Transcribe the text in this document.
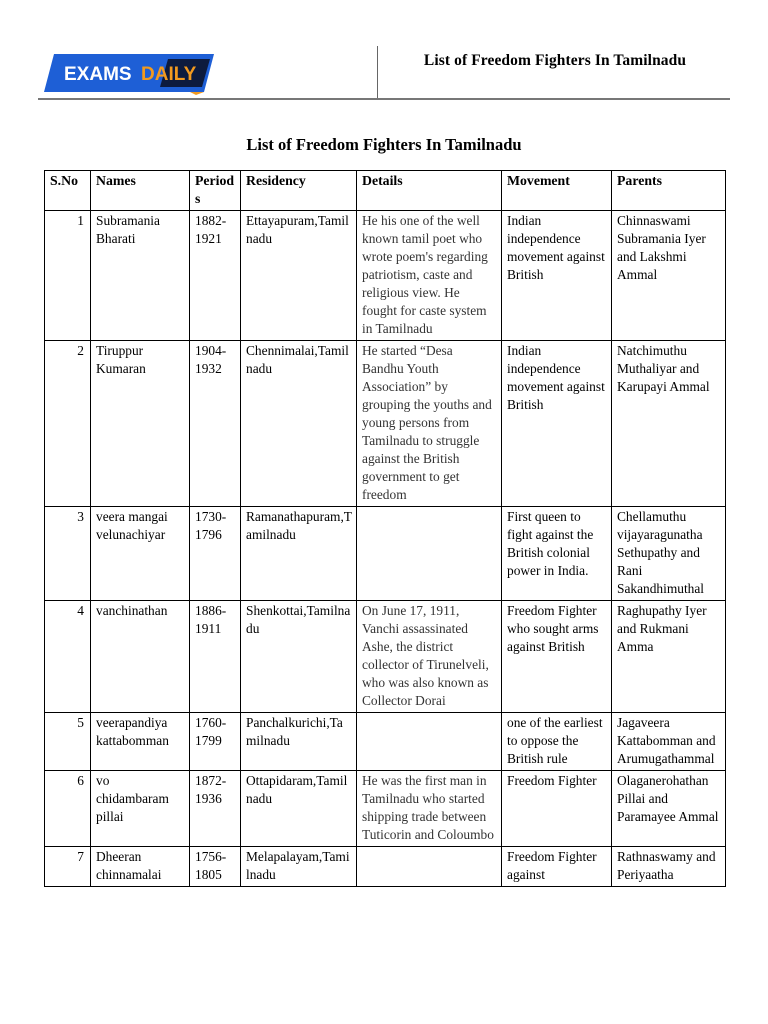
EXAMS DAILY
List of Freedom Fighters In Tamilnadu
List of Freedom Fighters In Tamilnadu
S.No	Names	Periods	Residency	Details	Movement	Parents
1	Subramania Bharati	1882-1921	Ettayapuram,Tamilnadu	He his one of the well known tamil poet who wrote poem's regarding patriotism, caste and religious view. He fought for caste system in Tamilnadu	Indian independence movement against British	Chinnaswami Subramania Iyer and Lakshmi Ammal
2	Tiruppur Kumaran	1904-1932	Chennimalai,Tamilnadu	He started “Desa Bandhu Youth Association” by grouping the youths and young persons from Tamilnadu to struggle against the British government to get freedom	Indian independence movement against British	Natchimuthu Muthaliyar and Karupayi Ammal
3	veera mangai velunachiyar	1730-1796	Ramanathapuram,Tamilnadu		First queen to fight against the British colonial power in India.	Chellamuthu vijayaragunatha Sethupathy and Rani Sakandhimuthal
4	vanchinathan	1886-1911	Shenkottai,Tamilnadu	On June 17, 1911, Vanchi assassinated Ashe, the district collector of Tirunelveli, who was also known as Collector Dorai	Freedom Fighter who sought arms against British	Raghupathy Iyer and Rukmani Amma
5	veerapandiya kattabomman	1760-1799	Panchalkurichi,Tamilnadu		one of the earliest to oppose the British rule	Jagaveera Kattabomman and Arumugathammal
6	vo chidambaram pillai	1872-1936	Ottapidaram,Tamilnadu	He was the first man in Tamilnadu who started shipping trade between Tuticorin and Coloumbo	Freedom Fighter	Olaganerohathan Pillai and Paramayee Ammal
7	Dheeran chinnamalai	1756-1805	Melapalayam,Tamilnadu		Freedom Fighter against	Rathnaswamy and Periyaatha
